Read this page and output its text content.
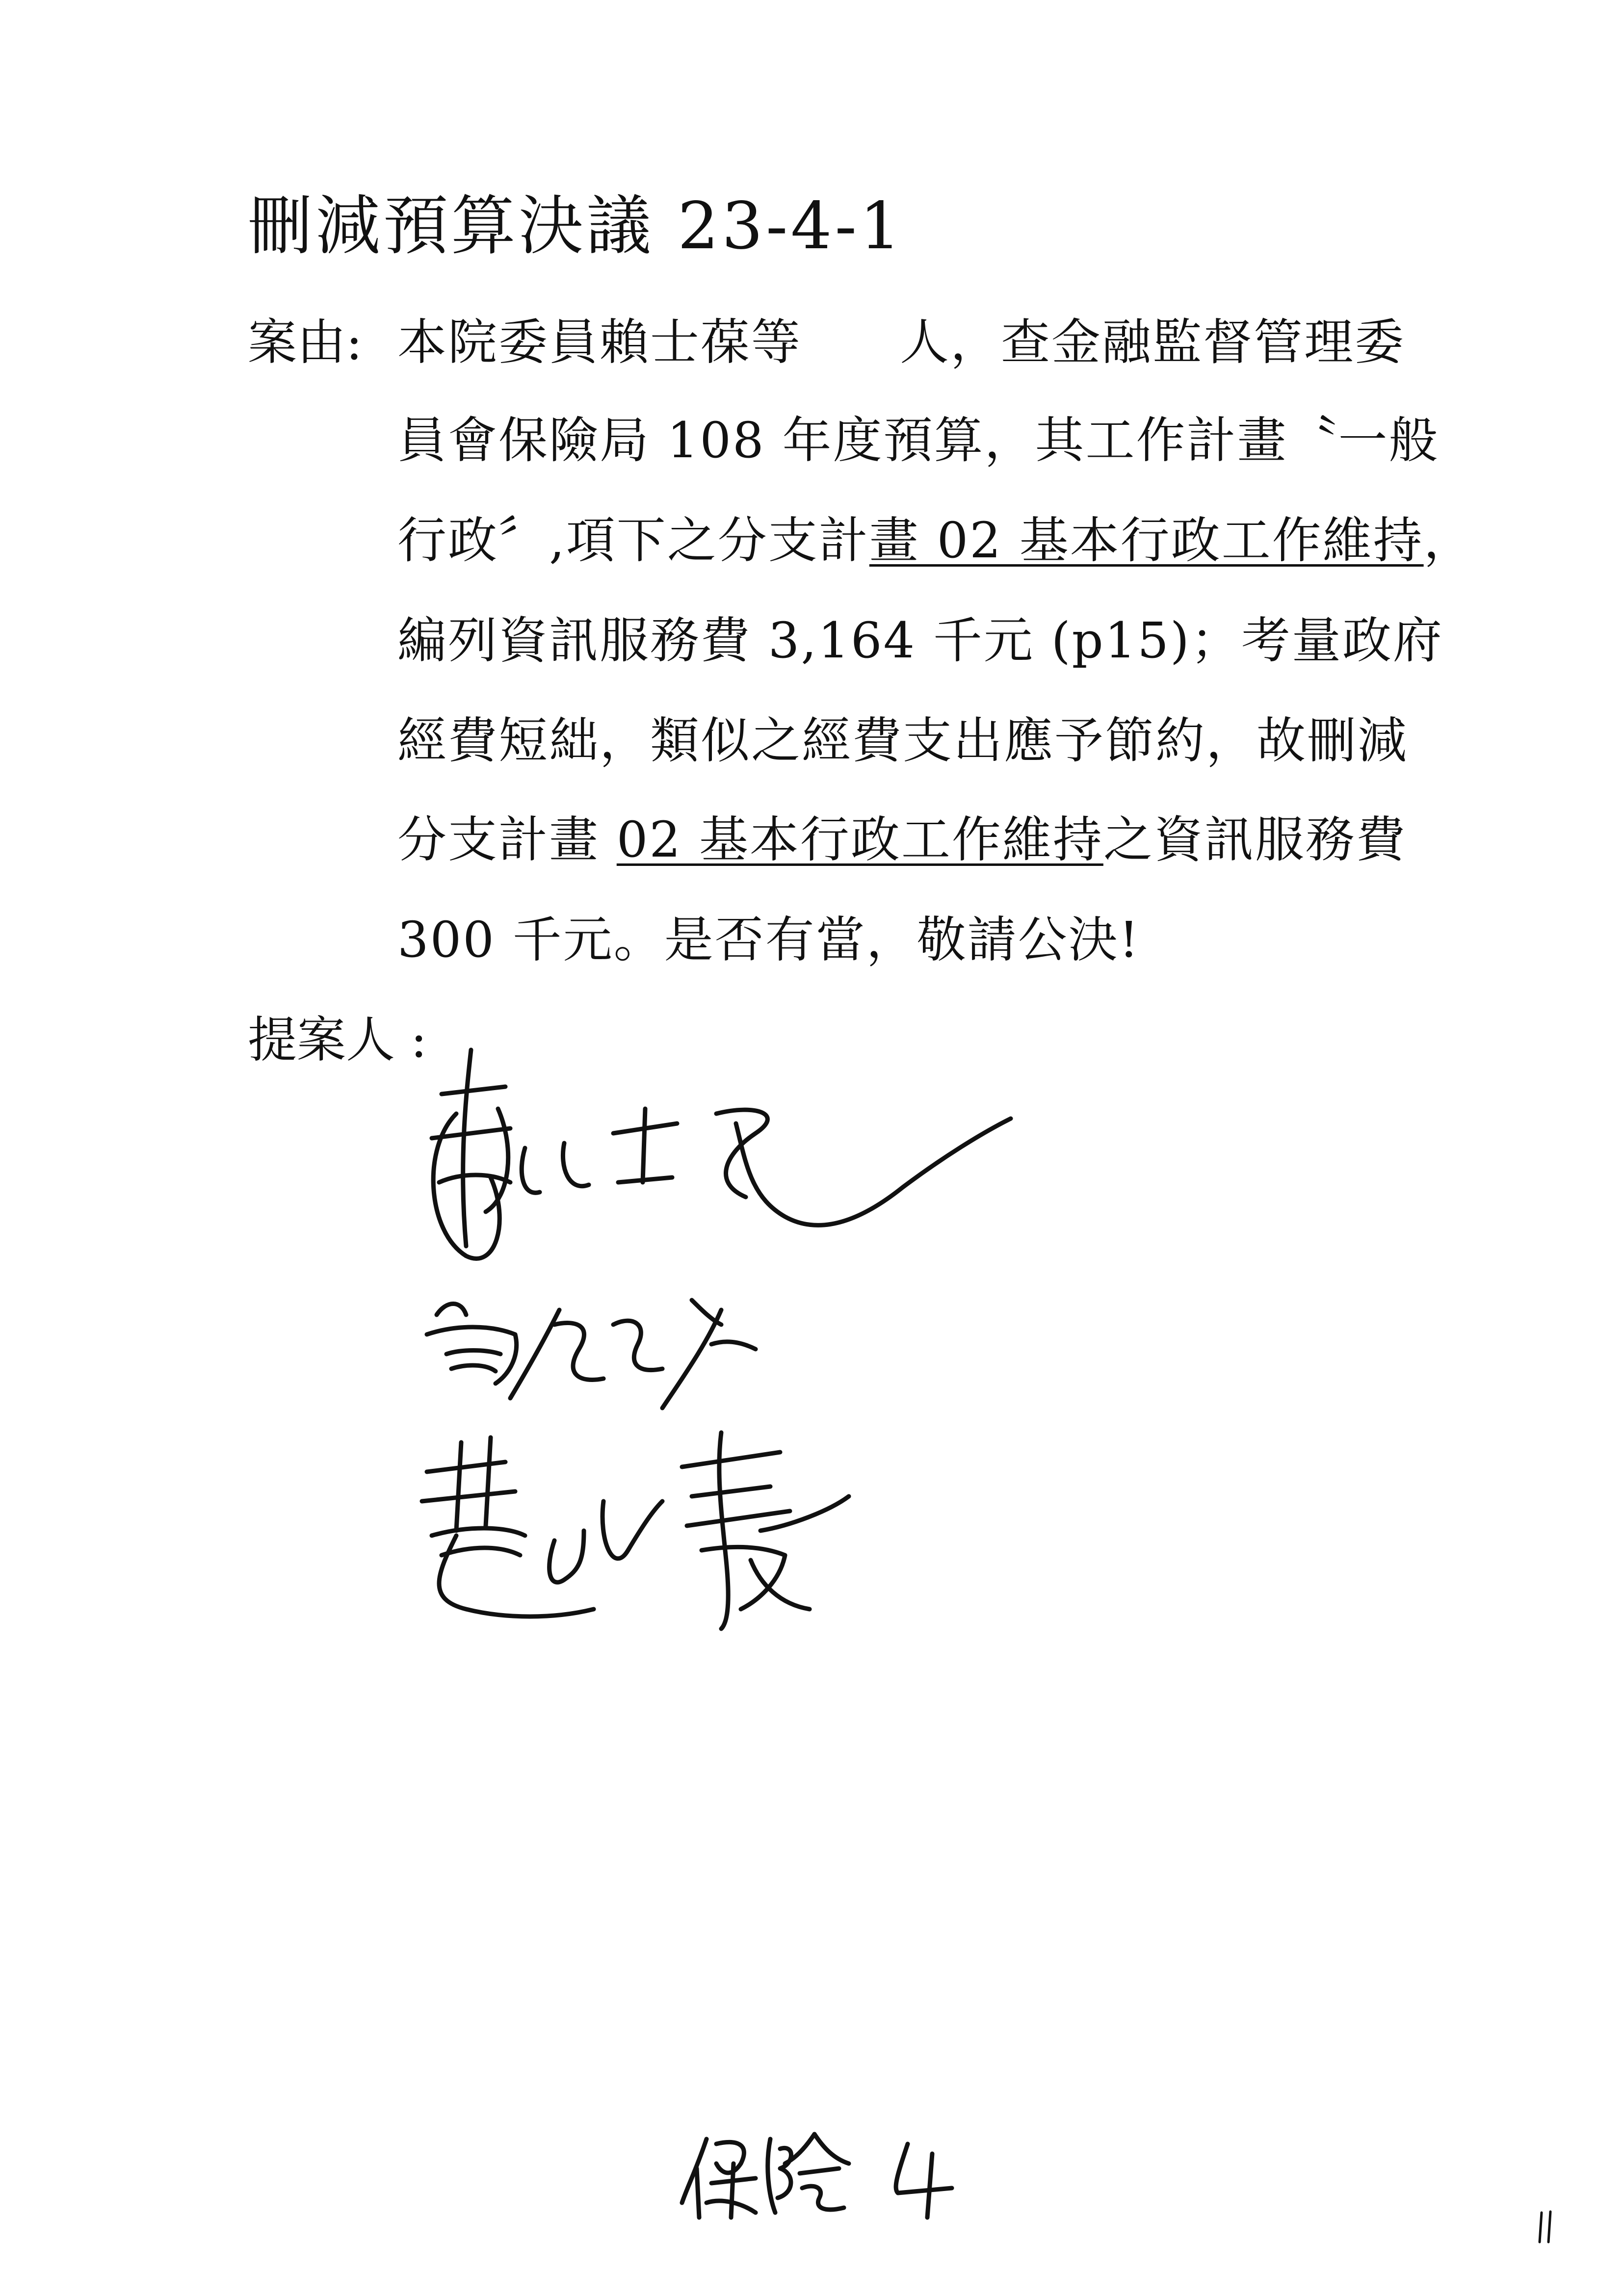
刪減預算決議 23-4-1
案由: 本院委員賴士葆等 人，查金融監督管理委
員會保險局 108 年度預算，其工作計畫〝一般
行政〞,項下之分支計畫 02 基本行政工作維持，
編列資訊服務費 3,164 千元 (p15)；考量政府
經費短絀，類似之經費支出應予節約，故刪減
分支計畫 02 基本行政工作維持之資訊服務費
300 千元。是否有當，敬請公決!
提案人 :
